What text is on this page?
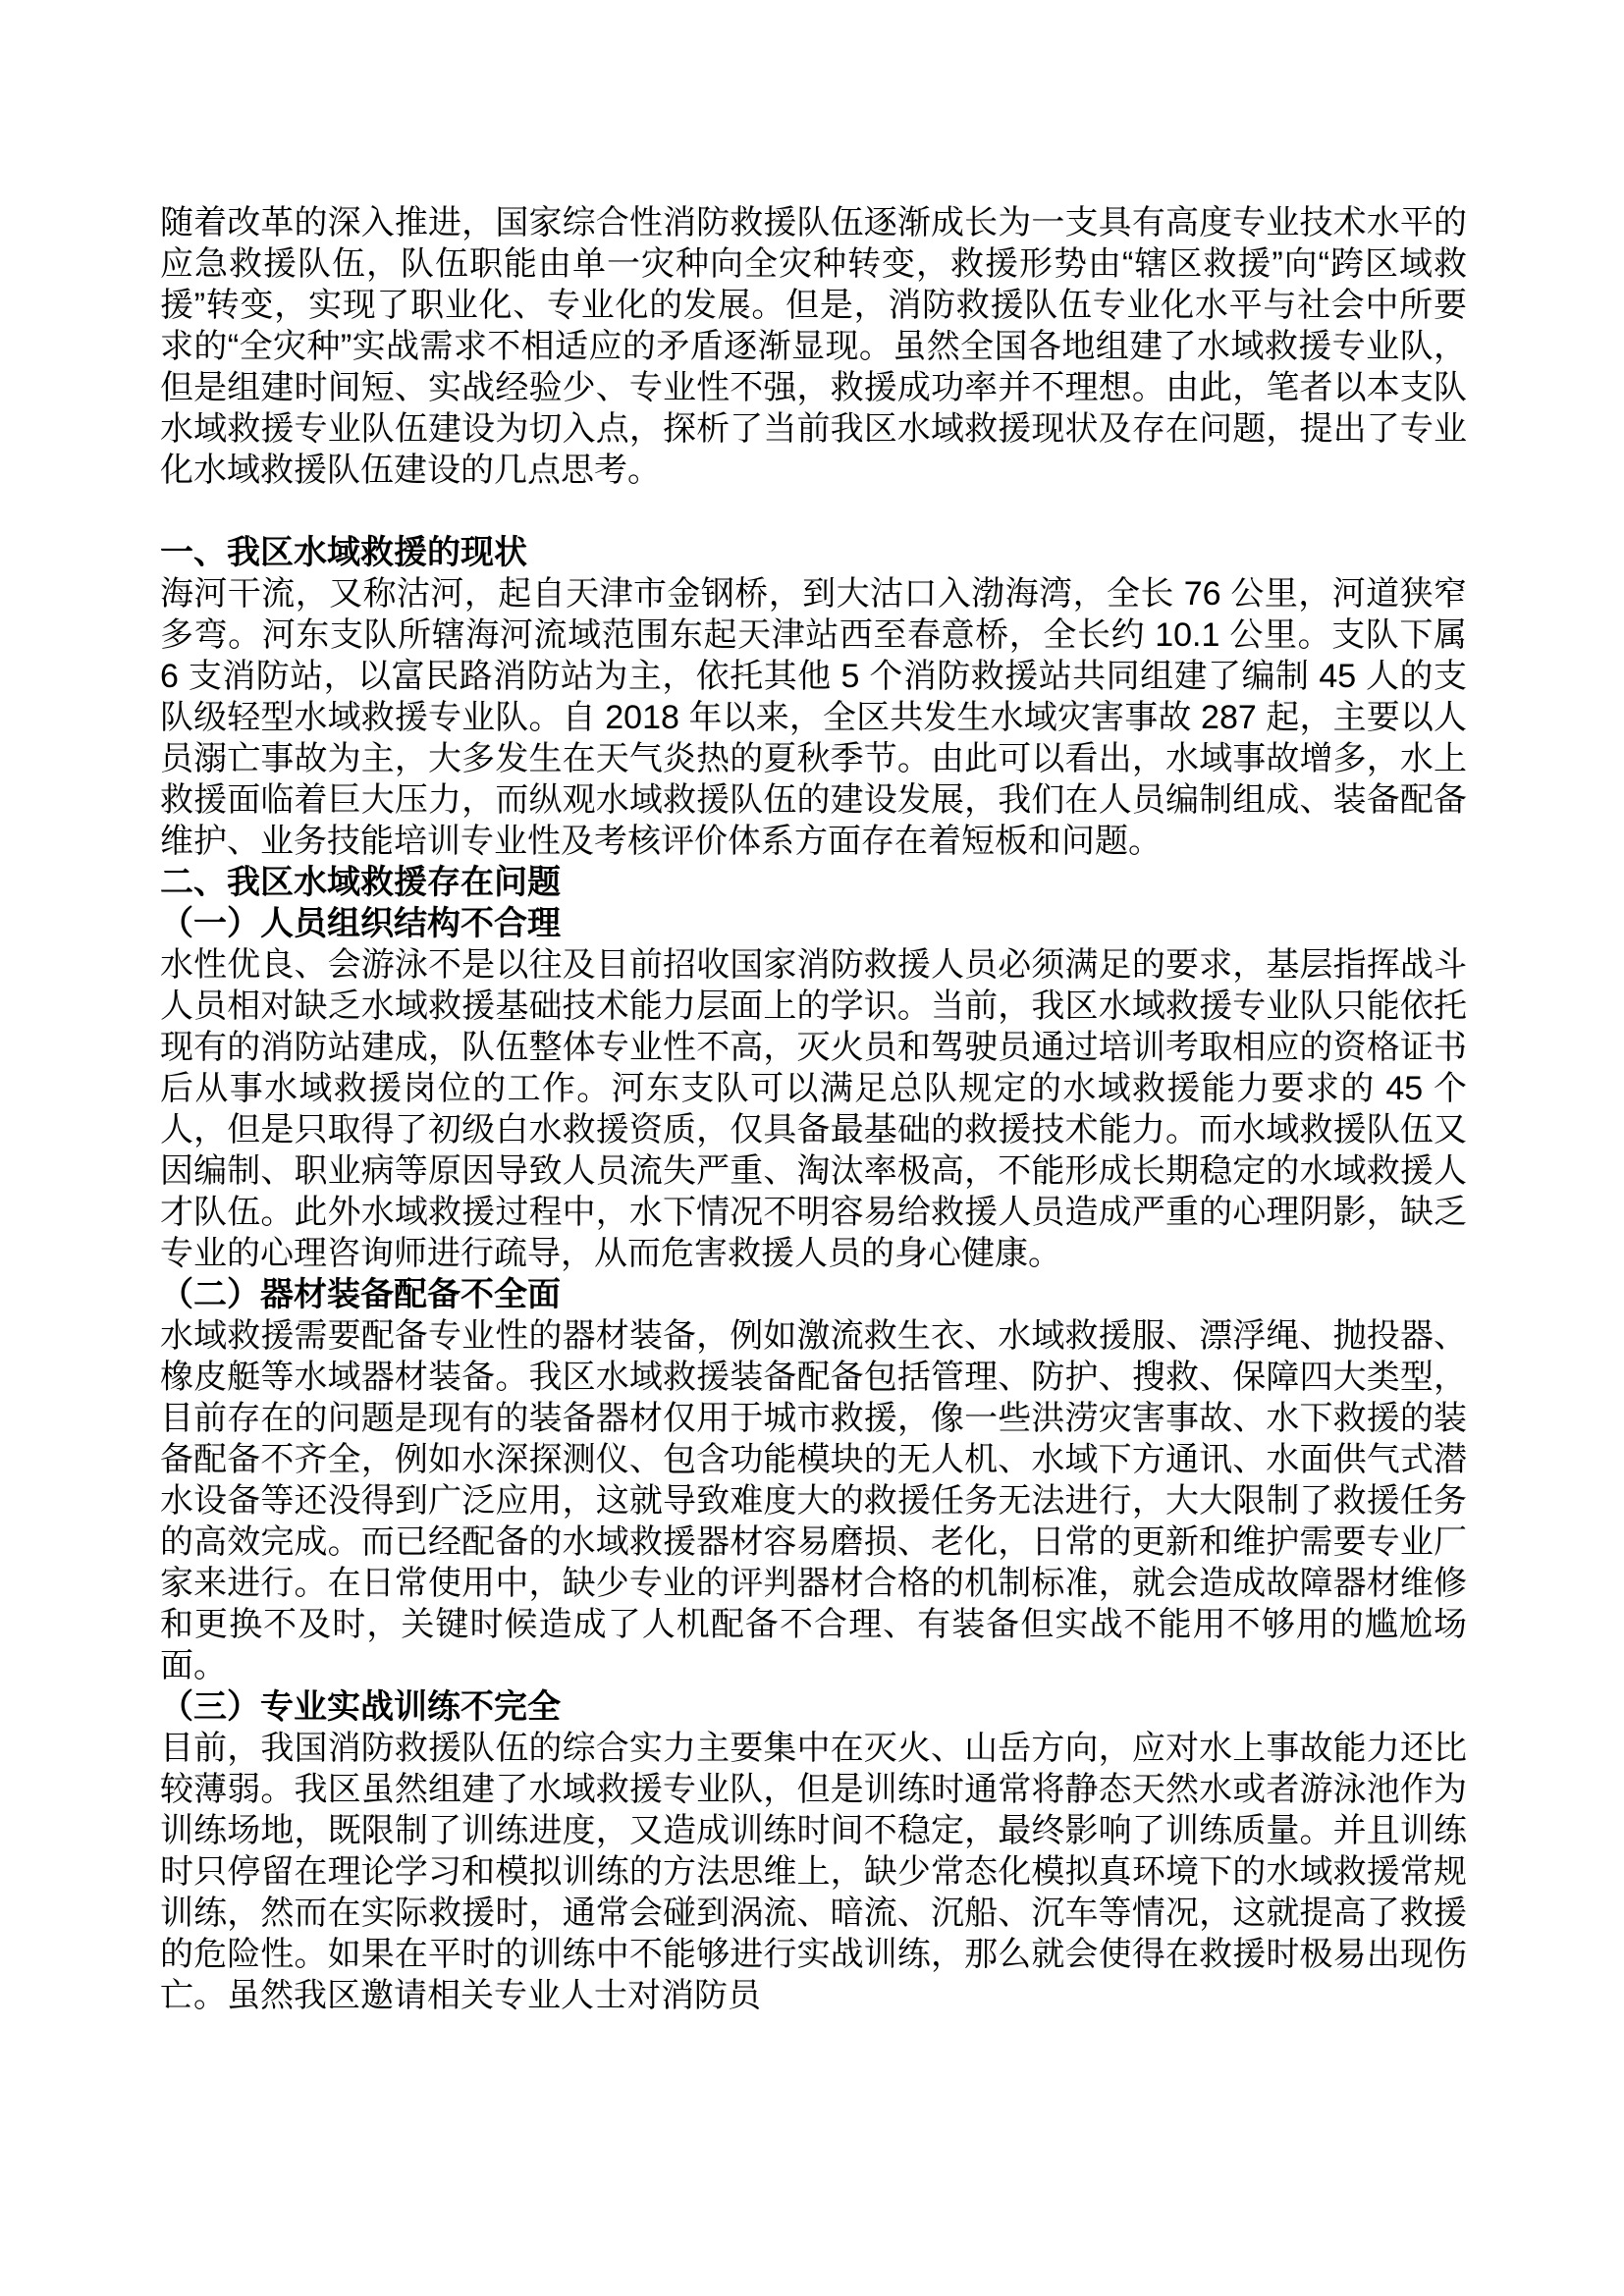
随着改革的深入推进，国家综合性消防救援队伍逐渐成长为一支具有高度专业技术水平的应急救援队伍，队伍职能由单一灾种向全灾种转变，救援形势由“辖区救援”向“跨区域救援”转变，实现了职业化、专业化的发展。但是，消防救援队伍专业化水平与社会中所要求的“全灾种”实战需求不相适应的矛盾逐渐显现。虽然全国各地组建了水域救援专业队，但是组建时间短、实战经验少、专业性不强，救援成功率并不理想。由此，笔者以本支队水域救援专业队伍建设为切入点，探析了当前我区水域救援现状及存在问题，提出了专业化水域救援队伍建设的几点思考。

一、我区水域救援的现状

海河干流，又称沽河，起自天津市金钢桥，到大沽口入渤海湾，全长 76 公里，河道狭窄多弯。河东支队所辖海河流域范围东起天津站西至春意桥，全长约 10.1 公里。支队下属 6 支消防站，以富民路消防站为主，依托其他 5 个消防救援站共同组建了编制 45 人的支队级轻型水域救援专业队。自 2018 年以来，全区共发生水域灾害事故 287 起，主要以人员溺亡事故为主，大多发生在天气炎热的夏秋季节。由此可以看出，水域事故增多，水上救援面临着巨大压力，而纵观水域救援队伍的建设发展，我们在人员编制组成、装备配备维护、业务技能培训专业性及考核评价体系方面存在着短板和问题。

二、我区水域救援存在问题
（一）人员组织结构不合理

水性优良、会游泳不是以往及目前招收国家消防救援人员必须满足的要求，基层指挥战斗人员相对缺乏水域救援基础技术能力层面上的学识。当前，我区水域救援专业队只能依托现有的消防站建成，队伍整体专业性不高，灭火员和驾驶员通过培训考取相应的资格证书后从事水域救援岗位的工作。河东支队可以满足总队规定的水域救援能力要求的 45 个人，但是只取得了初级白水救援资质，仅具备最基础的救援技术能力。而水域救援队伍又因编制、职业病等原因导致人员流失严重、淘汰率极高，不能形成长期稳定的水域救援人才队伍。此外水域救援过程中，水下情况不明容易给救援人员造成严重的心理阴影，缺乏专业的心理咨询师进行疏导，从而危害救援人员的身心健康。

（二）器材装备配备不全面

水域救援需要配备专业性的器材装备，例如激流救生衣、水域救援服、漂浮绳、抛投器、橡皮艇等水域器材装备。我区水域救援装备配备包括管理、防护、搜救、保障四大类型，目前存在的问题是现有的装备器材仅用于城市救援，像一些洪涝灾害事故、水下救援的装备配备不齐全，例如水深探测仪、包含功能模块的无人机、水域下方通讯、水面供气式潜水设备等还没得到广泛应用，这就导致难度大的救援任务无法进行，大大限制了救援任务的高效完成。而已经配备的水域救援器材容易磨损、老化，日常的更新和维护需要专业厂家来进行。在日常使用中，缺少专业的评判器材合格的机制标准，就会造成故障器材维修和更换不及时，关键时候造成了人机配备不合理、有装备但实战不能用不够用的尴尬场面。

（三）专业实战训练不完全

目前，我国消防救援队伍的综合实力主要集中在灭火、山岳方向，应对水上事故能力还比较薄弱。我区虽然组建了水域救援专业队，但是训练时通常将静态天然水或者游泳池作为训练场地，既限制了训练进度，又造成训练时间不稳定，最终影响了训练质量。并且训练时只停留在理论学习和模拟训练的方法思维上，缺少常态化模拟真环境下的水域救援常规训练，然而在实际救援时，通常会碰到涡流、暗流、沉船、沉车等情况，这就提高了救援的危险性。如果在平时的训练中不能够进行实战训练，那么就会使得在救援时极易出现伤亡。虽然我区邀请相关专业人士对消防员
